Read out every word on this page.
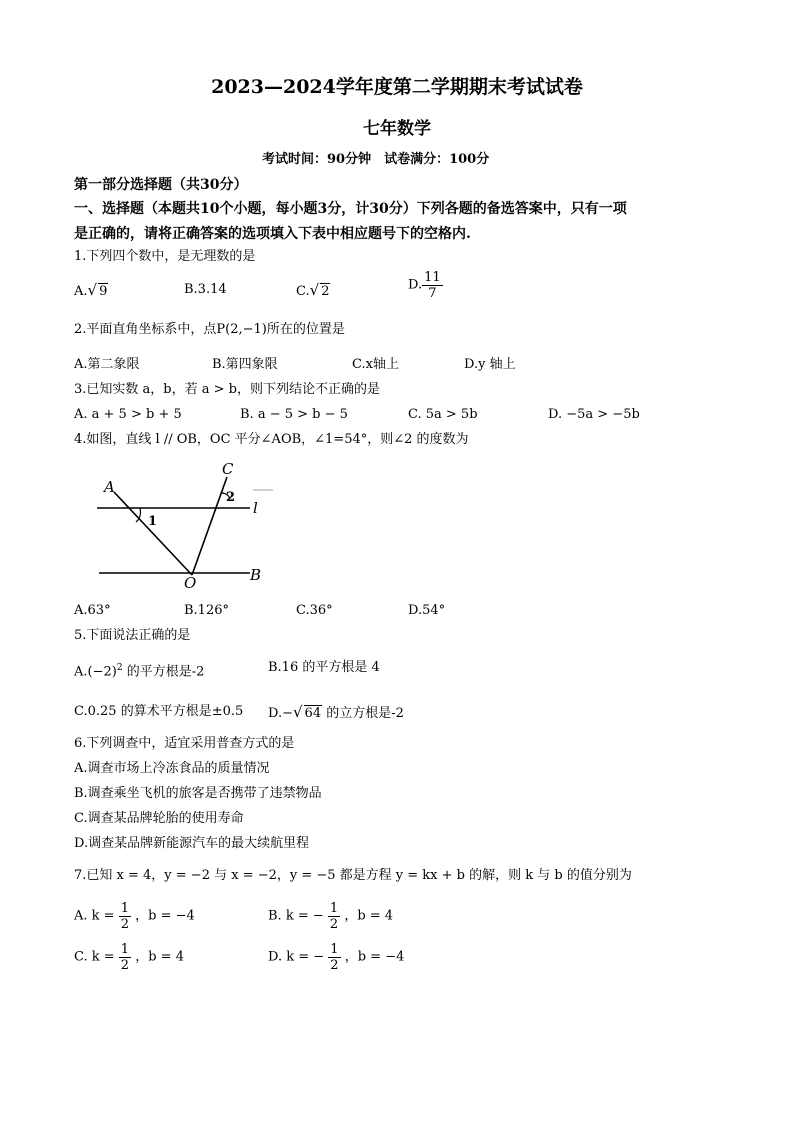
2023—2024学年度第二学期期末考试试卷
七年数学
考试时间：90分钟　试卷满分：100分
第一部分选择题（共30分）
一、选择题（本题共10个小题，每小题3分，计30分）下列各题的备选答案中，只有一项
是正确的，请将正确答案的选项填入下表中相应题号下的空格内.
1.下列四个数中，是无理数的是
A.√ 9	B.3.14	C.√ 2	D. $\frac{11}{7}$
2.平面直角坐标系中，点P(2,−1)所在的位置是
A.第二象限	B.第四象限	C.x轴上	D.y 轴上
3.已知实数 a，b，若 a > b，则下列结论不正确的是
A. a + 5 > b + 5	B. a − 5 > b − 5	C. 5a > 5b	D. −5a > −5b
4.如图，直线 l // OB，OC 平分∠AOB，∠1=54°，则∠2 的度数为
A
C
1
2
l
O	B
A.63°	B.126°	C.36°	D.54°
5.下面说法正确的是
$A.(-2)^2$ 的平方根是-2	B.16 的平方根是 4
C.0.25 的算术平方根是±0.5 D.−√ 64 的立方根是-2
6.下列调查中，适宜采用普查方式的是
A.调查市场上冷冻食品的质量情况
B.调查乘坐飞机的旅客是否携带了违禁物品
C.调查某品牌轮胎的使用寿命
D.调查某品牌新能源汽车的最大续航里程
7.已知 x = 4，y = −2 与 x = −2，y = −5 都是方程 y = kx + b 的解，则 k 与 b 的值分别为
A. $k = \frac{1}{2}$ ，b = −4	B. k = − $\frac{1}{2}$ ，b = 4
C. $k = \frac{1}{2}$ ，b = 4	D. k = − $\frac{1}{2}$ ，b = −4
